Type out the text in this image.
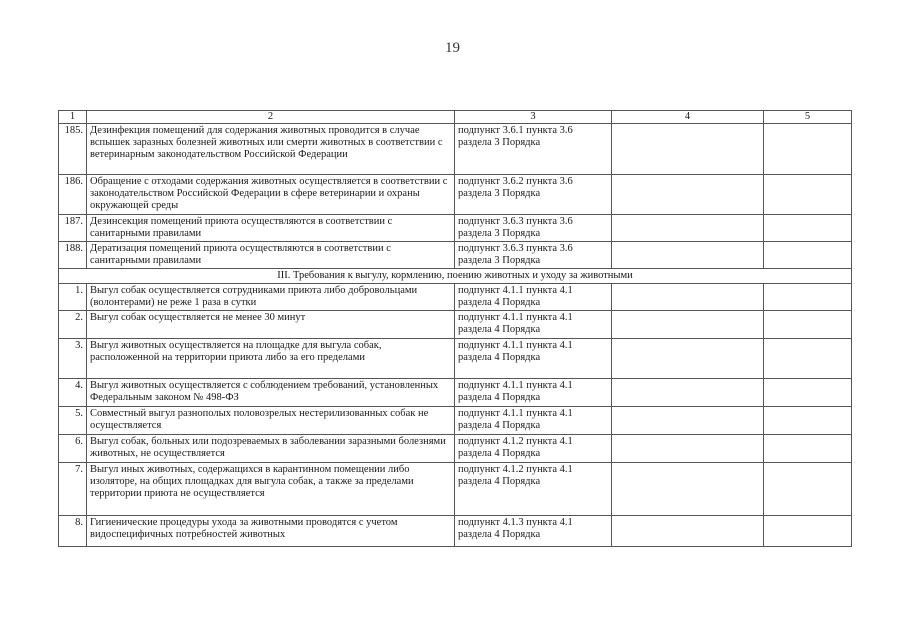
19
1	2	3	4	5
185.	Дезинфекция помещений для содержания животных проводится в случае вспышек заразных болезней животных или смерти животных в соответствии с ветеринарным законодательством Российской Федерации	подпункт 3.6.1 пункта 3.6 раздела 3 Порядка		
186.	Обращение с отходами содержания животных осуществляется в соответствии с законодательством Российской Федерации в сфере ветеринарии и охраны окружающей среды	подпункт 3.6.2 пункта 3.6 раздела 3 Порядка		
187.	Дезинсекция помещений приюта осуществляются в соответствии с санитарными правилами	подпункт 3.6.3 пункта 3.6 раздела 3 Порядка		
188.	Дератизация помещений приюта осуществляются в соответствии с санитарными правилами	подпункт 3.6.3 пункта 3.6 раздела 3 Порядка		
III. Требования к выгулу, кормлению, поению животных и уходу за животными				
1.	Выгул собак осуществляется сотрудниками приюта либо добровольцами (волонтерами) не реже 1 раза в сутки	подпункт 4.1.1 пункта 4.1 раздела 4 Порядка		
2.	Выгул собак осуществляется не менее 30 минут	подпункт 4.1.1 пункта 4.1 раздела 4 Порядка		
3.	Выгул животных осуществляется на площадке для выгула собак, расположенной на территории приюта либо за его пределами	подпункт 4.1.1 пункта 4.1 раздела 4 Порядка		
4.	Выгул животных осуществляется с соблюдением требований, установленных Федеральным законом № 498-ФЗ	подпункт 4.1.1 пункта 4.1 раздела 4 Порядка		
5.	Совместный выгул разнополых половозрелых нестерилизованных собак не осуществляется	подпункт 4.1.1 пункта 4.1 раздела 4 Порядка		
6.	Выгул собак, больных или подозреваемых в заболевании заразными болезнями животных, не осуществляется	подпункт 4.1.2 пункта 4.1 раздела 4 Порядка		
7.	Выгул иных животных, содержащихся в карантинном помещении либо изоляторе, на общих площадках для выгула собак, а также за пределами территории приюта не осуществляется	подпункт 4.1.2 пункта 4.1 раздела 4 Порядка		
8.	Гигиенические процедуры ухода за животными проводятся с учетом видоспецифичных потребностей животных	подпункт 4.1.3 пункта 4.1 раздела 4 Порядка		
